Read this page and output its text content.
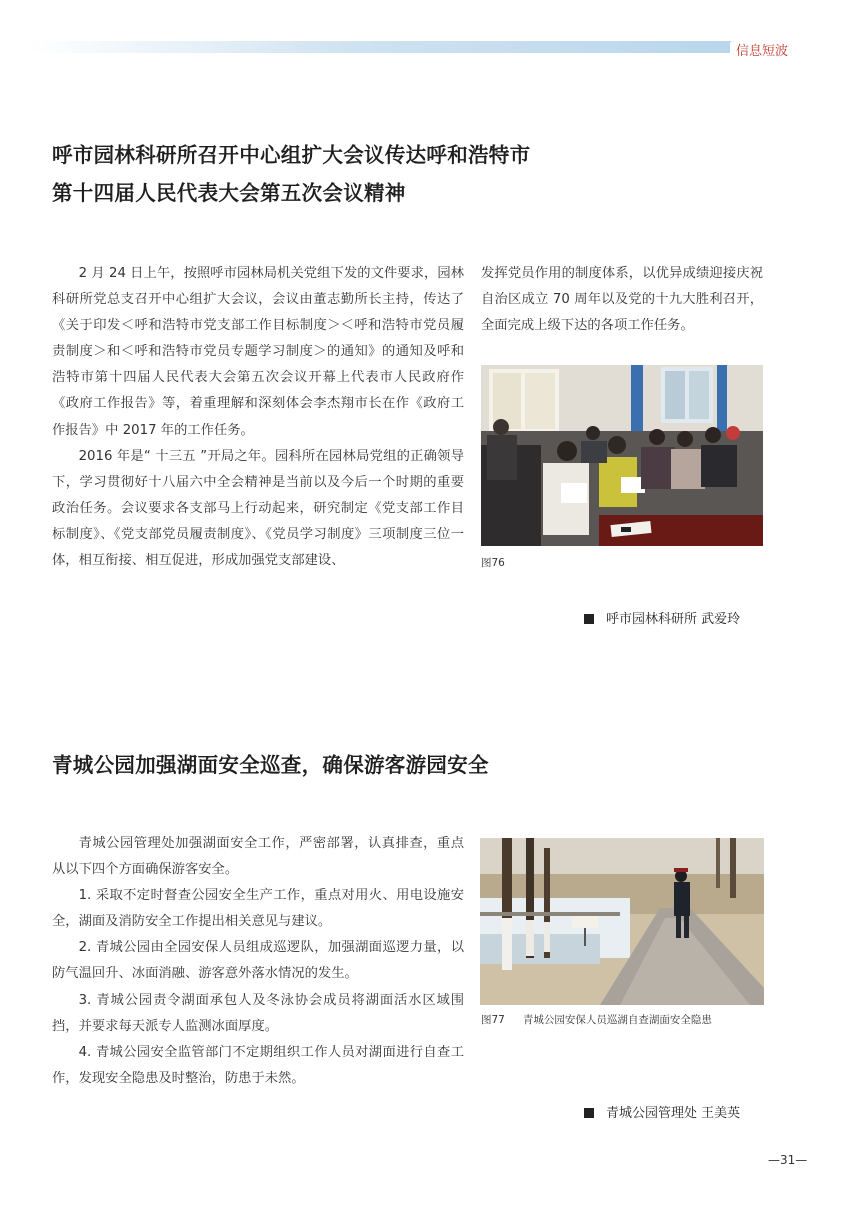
信息短波
呼市园林科研所召开中心组扩大会议传达呼和浩特市
第十四届人民代表大会第五次会议精神

2 月 24 日上午，按照呼市园林局机关党组下发的文件要求，园林科研所党总支召开中心组扩大会议，会议由董志勤所长主持，传达了《关于印发＜呼和浩特市党支部工作目标制度＞＜呼和浩特市党员履责制度＞和＜呼和浩特市党员专题学习制度＞的通知》的通知及呼和浩特市第十四届人民代表大会第五次会议开幕上代表市人民政府作《政府工作报告》等，着重理解和深刻体会李杰翔市长在作《政府工作报告》中 2017 年的工作任务。

2016 年是“ 十三五 ”开局之年。园科所在园林局党组的正确领导下，学习贯彻好十八届六中全会精神是当前以及今后一个时期的重要政治任务。会议要求各支部马上行动起来，研究制定《党支部工作目标制度》、《党支部党员履责制度》、《党员学习制度》三项制度三位一体，相互衔接、相互促进，形成加强党支部建设、

发挥党员作用的制度体系，以优异成绩迎接庆祝自治区成立 70 周年以及党的十九大胜利召开，全面完成上级下达的各项工作任务。

图76
呼市园林科研所 武爱玲
青城公园加强湖面安全巡查，确保游客游园安全

青城公园管理处加强湖面安全工作，严密部署，认真排查，重点从以下四个方面确保游客安全。

1. 采取不定时督查公园安全生产工作，重点对用火、用电设施安全，湖面及消防安全工作提出相关意见与建议。

2. 青城公园由全园安保人员组成巡逻队，加强湖面巡逻力量，以防气温回升、冰面消融、游客意外落水情况的发生。

3. 青城公园责令湖面承包人及冬泳协会成员将湖面活水区域围挡，并要求每天派专人监测冰面厚度。

4. 青城公园安全监管部门不定期组织工作人员对湖面进行自查工作，发现安全隐患及时整治，防患于未然。

图77 青城公园安保人员巡湖自查湖面安全隐患
青城公园管理处 王美英
—31—
